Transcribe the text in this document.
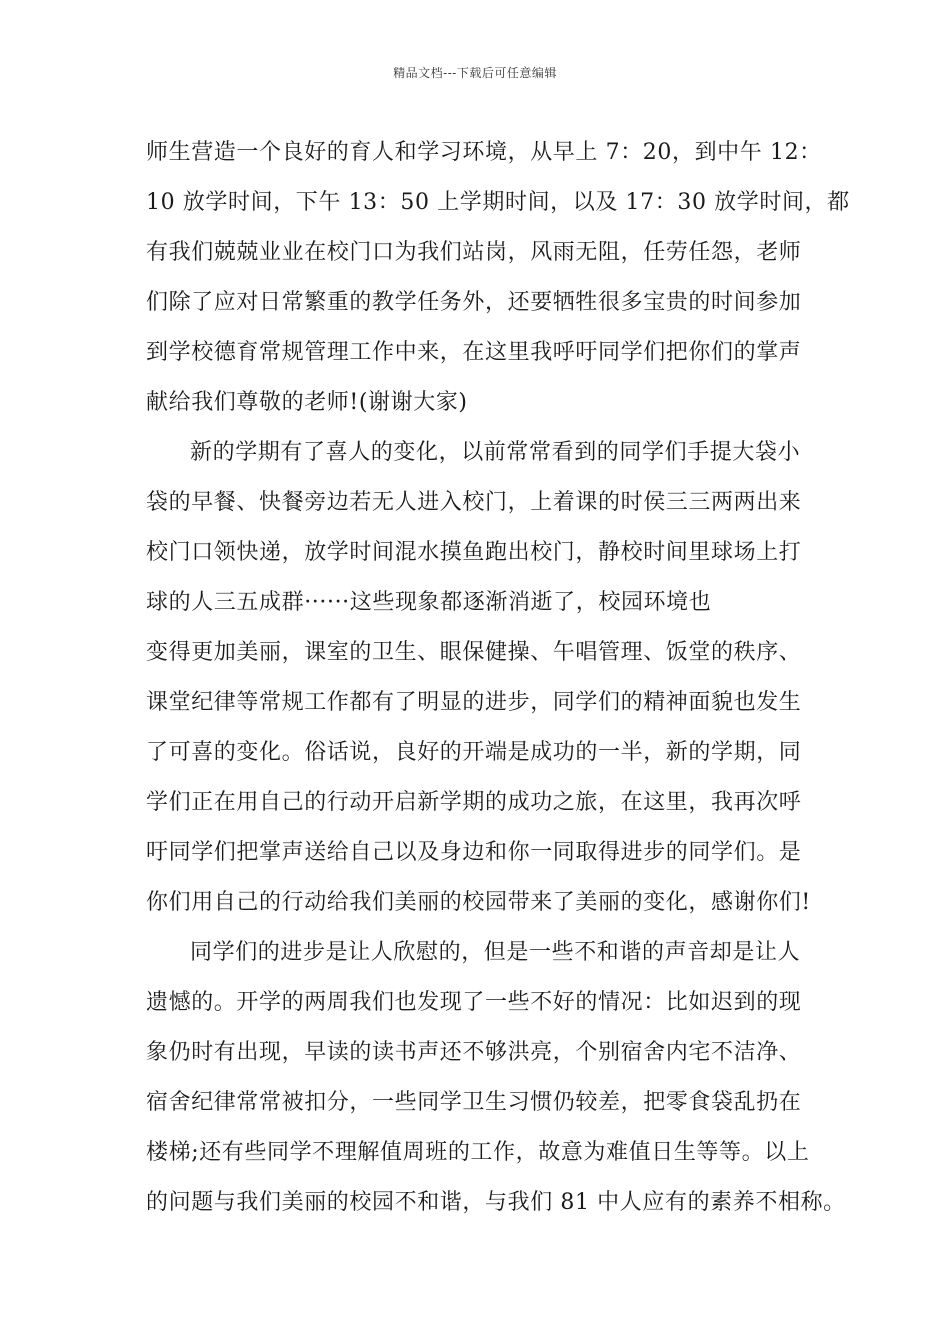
精品文档---下载后可任意编辑
师生营造一个良好的育人和学习环境，从早上 7：20，到中午 12：
10 放学时间，下午 13：50 上学期时间，以及 17：30 放学时间，都
有我们兢兢业业在校门口为我们站岗，风雨无阻，任劳任怨，老师
们除了应对日常繁重的教学任务外，还要牺牲很多宝贵的时间参加
到学校德育常规管理工作中来，在这里我呼吁同学们把你们的掌声
献给我们尊敬的老师!(谢谢大家)
新的学期有了喜人的变化，以前常常看到的同学们手提大袋小
袋的早餐、快餐旁边若无人进入校门，上着课的时侯三三两两出来
校门口领快递，放学时间混水摸鱼跑出校门，静校时间里球场上打
球的人三五成群······这些现象都逐渐消逝了，校园环境也
变得更加美丽，课室的卫生、眼保健操、午唱管理、饭堂的秩序、
课堂纪律等常规工作都有了明显的进步，同学们的精神面貌也发生
了可喜的变化。俗话说，良好的开端是成功的一半，新的学期，同
学们正在用自己的行动开启新学期的成功之旅，在这里，我再次呼
吁同学们把掌声送给自己以及身边和你一同取得进步的同学们。是
你们用自己的行动给我们美丽的校园带来了美丽的变化，感谢你们!
同学们的进步是让人欣慰的，但是一些不和谐的声音却是让人
遗憾的。开学的两周我们也发现了一些不好的情况：比如迟到的现
象仍时有出现，早读的读书声还不够洪亮，个别宿舍内宅不洁净、
宿舍纪律常常被扣分，一些同学卫生习惯仍较差，把零食袋乱扔在
楼梯;还有些同学不理解值周班的工作，故意为难值日生等等。以上
的问题与我们美丽的校园不和谐，与我们 81 中人应有的素养不相称。
